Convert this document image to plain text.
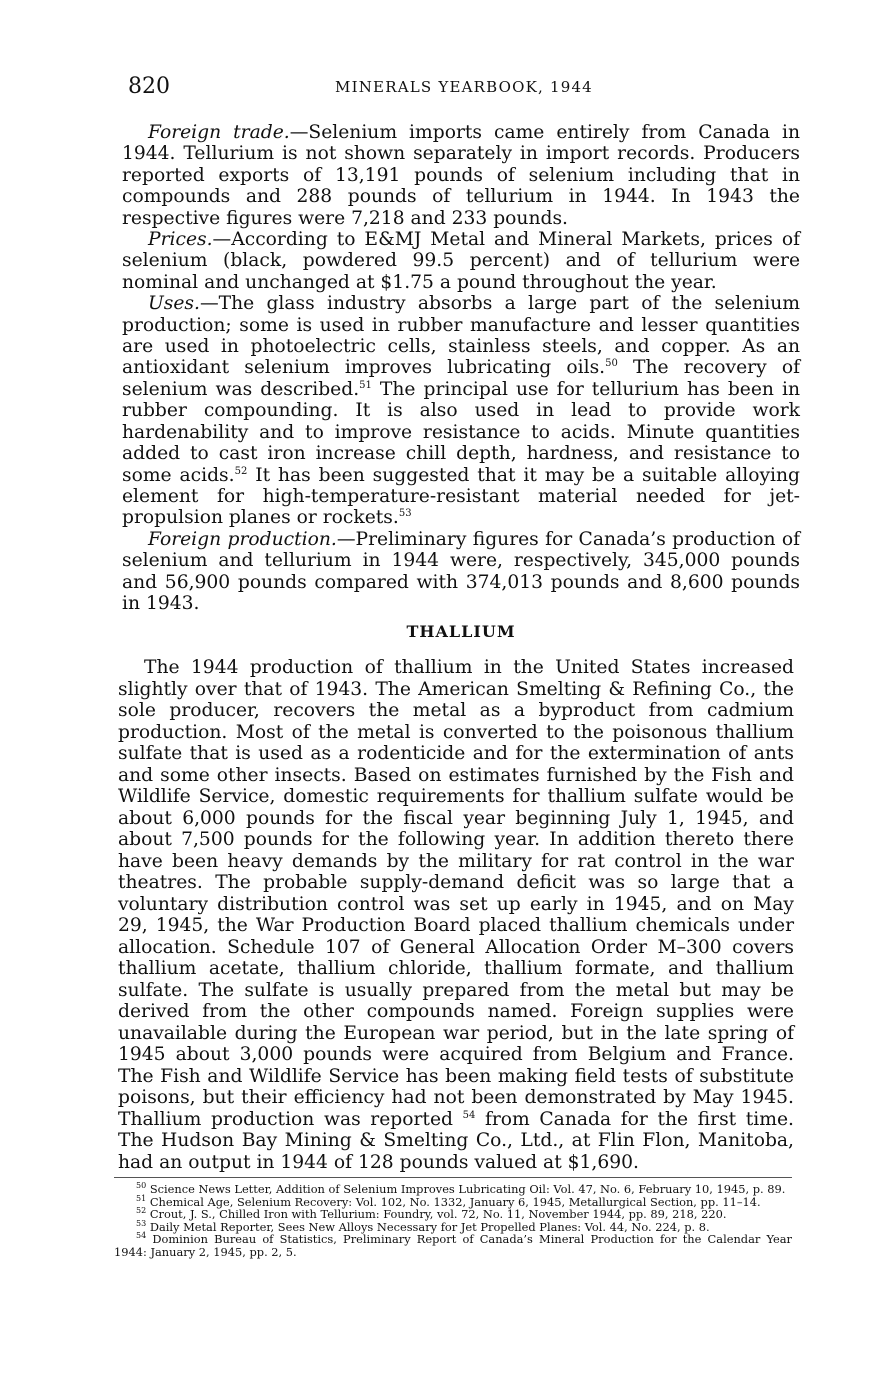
820	MINERALS YEARBOOK, 1944

Foreign trade.—Selenium imports came entirely from Canada in 1944. Tellurium is not shown separately in import records. Producers reported exports of 13,191 pounds of selenium including that in compounds and 288 pounds of tellurium in 1944. In 1943 the respective figures were 7,218 and 233 pounds.

Prices.—According to E&MJ Metal and Mineral Markets, prices of selenium (black, powdered 99.5 percent) and of tellurium were nominal and unchanged at $1.75 a pound throughout the year.

Uses.—The glass industry absorbs a large part of the selenium production; some is used in rubber manufacture and lesser quantities are used in photoelectric cells, stainless steels, and copper. As an antioxidant selenium improves lubricating oils.$^{50}$ The recovery of selenium was described.$^{51}$ The principal use for tellurium has been in rubber compounding. It is also used in lead to provide work hardenability and to improve resistance to acids. Minute quantities added to cast iron increase chill depth, hardness, and resistance to some acids.$^{52}$ It has been suggested that it may be a suitable alloying element for high-temperature-resistant material needed for jet-propulsion planes or rockets.$^{53}$

Foreign production.—Preliminary figures for Canada’s production of selenium and tellurium in 1944 were, respectively, 345,000 pounds and 56,900 pounds compared with 374,013 pounds and 8,600 pounds in 1943.

THALLIUM

The 1944 production of thallium in the United States increased slightly over that of 1943. The American Smelting & Refining Co., the sole producer, recovers the metal as a byproduct from cadmium production. Most of the metal is converted to the poisonous thallium sulfate that is used as a rodenticide and for the extermination of ants and some other insects. Based on estimates furnished by the Fish and Wildlife Service, domestic requirements for thallium sulfate would be about 6,000 pounds for the fiscal year beginning July 1, 1945, and about 7,500 pounds for the following year. In addition thereto there have been heavy demands by the military for rat control in the war theatres. The probable supply-demand deficit was so large that a voluntary distribution control was set up early in 1945, and on May 29, 1945, the War Production Board placed thallium chemicals under allocation. Schedule 107 of General Allocation Order M–300 covers thallium acetate, thallium chloride, thallium formate, and thallium sulfate. The sulfate is usually prepared from the metal but may be derived from the other compounds named. Foreign supplies were unavailable during the European war period, but in the late spring of 1945 about 3,000 pounds were acquired from Belgium and France. The Fish and Wildlife Service has been making field tests of substitute poisons, but their efficiency had not been demonstrated by May 1945. Thallium production was reported $^{54}$ from Canada for the first time. The Hudson Bay Mining & Smelting Co., Ltd., at Flin Flon, Manitoba, had an output in 1944 of 128 pounds valued at $1,690.

$^{50}$ Science News Letter, Addition of Selenium Improves Lubricating Oil: Vol. 47, No. 6, February 10, 1945, p. 89.

$^{51}$ Chemical Age, Selenium Recovery: Vol. 102, No. 1332, January 6, 1945, Metallurgical Section, pp. 11–14.

$^{52}$ Crout, J. S., Chilled Iron with Tellurium: Foundry, vol. 72, No. 11, November 1944, pp. 89, 218, 220.

$^{53}$ Daily Metal Reporter, Sees New Alloys Necessary for Jet Propelled Planes: Vol. 44, No. 224, p. 8.

$^{54}$ Dominion Bureau of Statistics, Preliminary Report of Canada’s Mineral Production for the Calendar Year 1944: January 2, 1945, pp. 2, 5.
